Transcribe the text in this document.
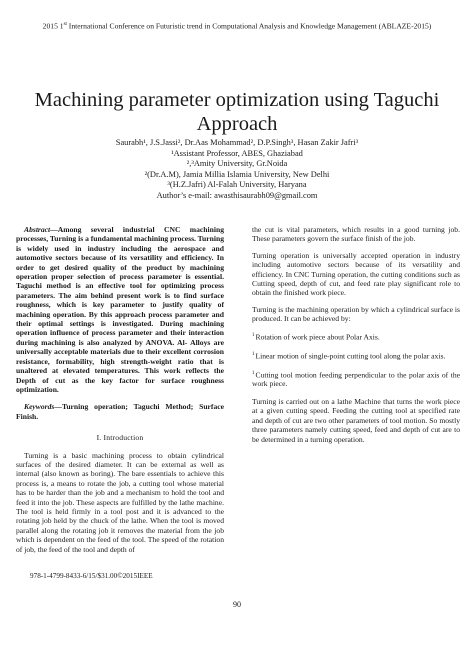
2015 1st International Conference on Futuristic trend in Computational Analysis and Knowledge Management (ABLAZE-2015)
Machining parameter optimization using Taguchi Approach
Saurabh¹, J.S.Jassi², Dr.Aas Mohammad², D.P.Singh³, Hasan Zakir Jafri³
¹Assistant Professor, ABES, Ghaziabad
²,³Amity University, Gr.Noida
²(Dr.A.M), Jamia Millia Islamia University, New Delhi
³(H.Z.Jafri) Al-Falah University, Haryana
Author’s e-mail: awasthisaurabh09@gmail.com

Abstract—Among several industrial CNC machining processes, Turning is a fundamental machining process. Turning is widely used in industry including the aerospace and automotive sectors because of its versatility and efficiency. In order to get desired quality of the product by machining operation proper selection of process parameter is essential. Taguchi method is an effective tool for optimizing process parameters. The aim behind present work is to find surface roughness, which is key parameter to justify quality of machining operation. By this approach process parameter and their optimal settings is investigated. During machining operation influence of process parameter and their interaction during machining is also analyzed by ANOVA. Al- Alloys are universally acceptable materials due to their excellent corrosion resistance, formability, high strength-weight ratio that is unaltered at elevated temperatures. This work reflects the Depth of cut as the key factor for surface roughness optimization.

Keywords—Turning operation; Taguchi Method; Surface Finish.

I. Introduction

Turning is a basic machining process to obtain cylindrical surfaces of the desired diameter. It can be external as well as internal (also known as boring). The bare essentials to achieve this process is, a means to rotate the job, a cutting tool whose material has to be harder than the job and a mechanism to hold the tool and feed it into the job. These aspects are fulfilled by the lathe machine. The tool is held firmly in a tool post and it is advanced to the rotating job held by the chuck of the lathe. When the tool is moved parallel along the rotating job it removes the material from the job which is dependent on the feed of the tool. The speed of the rotation of job, the feed of the tool and depth of

the cut is vital parameters, which results in a good turning job. These parameters govern the surface finish of the job.

Turning operation is universally accepted operation in industry including automotive sectors because of its versatility and efficiency. In CNC Turning operation, the cutting conditions such as Cutting speed, depth of cut, and feed rate play significant role to obtain the finished work piece.

Turning is the machining operation by which a cylindrical surface is produced. It can be achieved by:

$^1$Rotation of work piece about Polar Axis.

$^1$Linear motion of single-point cutting tool along the polar axis.

$^1$Cutting tool motion feeding perpendicular to the polar axis of the work piece.

Turning is carried out on a lathe Machine that turns the work piece at a given cutting speed. Feeding the cutting tool at specified rate and depth of cut are two other parameters of tool motion. So mostly three parameters namely cutting speed, feed and depth of cut are to be determined in a turning operation.

978-1-4799-8433-6/15/$31.00©2015IEEE
90
